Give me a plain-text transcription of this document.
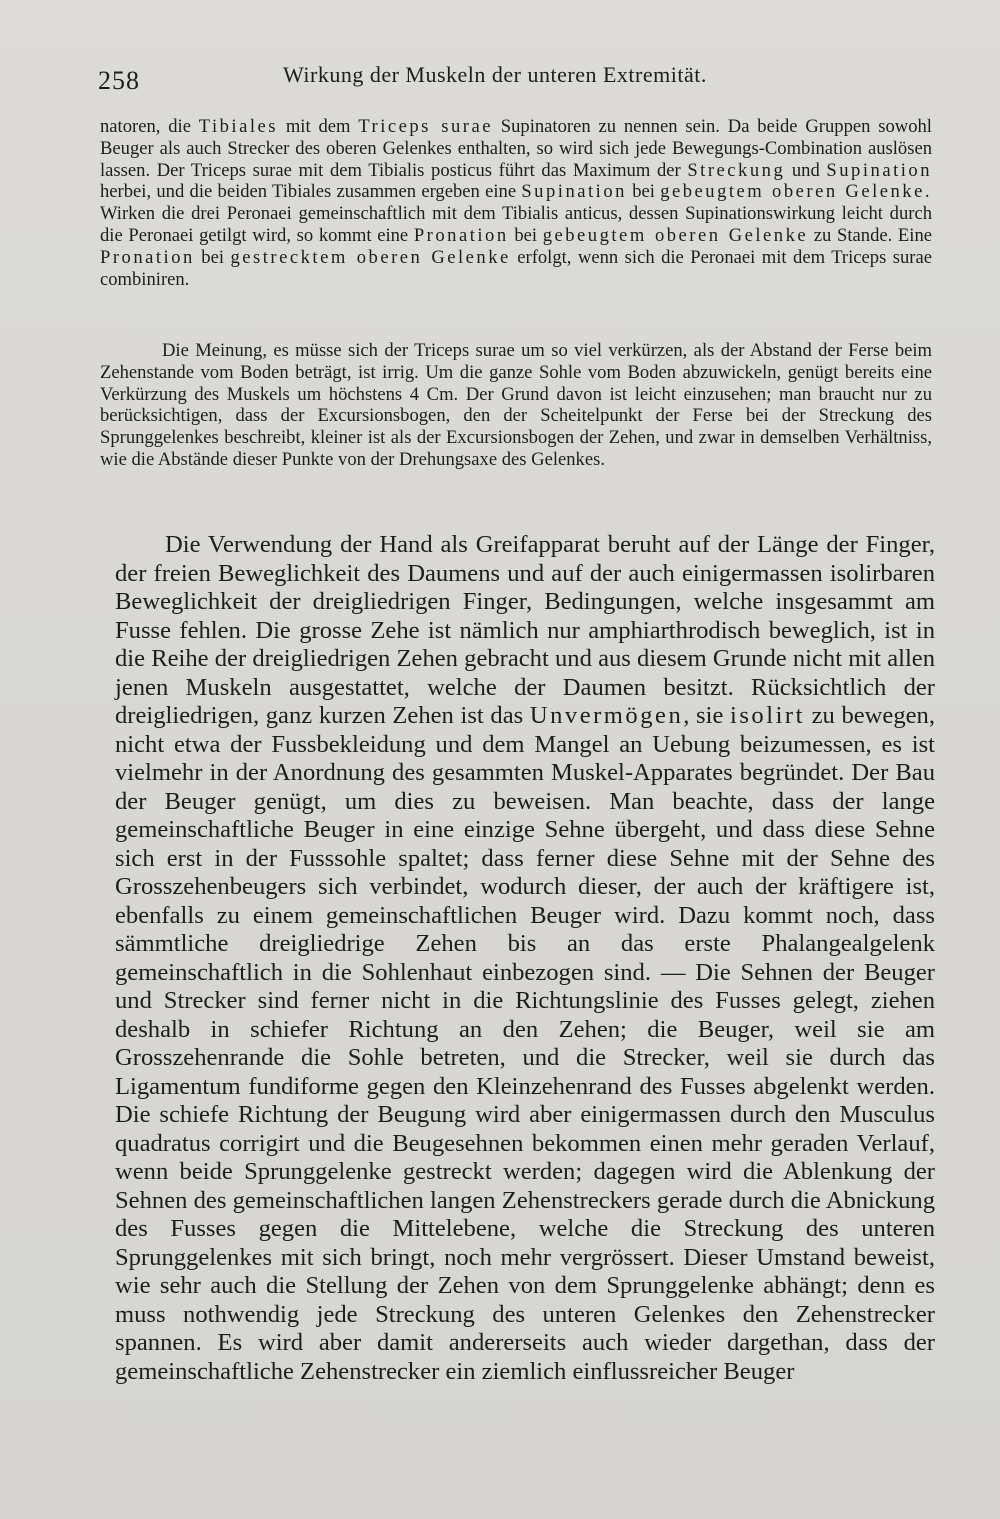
258	Wirkung der Muskeln der unteren Extremität.

natoren, die Tibiales mit dem Triceps surae Supinatoren zu nennen sein. Da beide Gruppen sowohl Beuger als auch Strecker des oberen Gelenkes enthalten, so wird sich jede Bewegungs-Combination auslösen lassen. Der Triceps surae mit dem Tibialis posticus führt das Maximum der Streckung und Supination herbei, und die beiden Tibiales zusammen ergeben eine Supination bei gebeugtem oberen Gelenke. Wirken die drei Peronaei gemeinschaftlich mit dem Tibialis anticus, dessen Supinationswirkung leicht durch die Peronaei getilgt wird, so kommt eine Pronation bei gebeugtem oberen Gelenke zu Stande. Eine Pronation bei gestrecktem oberen Gelenke erfolgt, wenn sich die Peronaei mit dem Triceps surae combiniren.

Die Meinung, es müsse sich der Triceps surae um so viel verkürzen, als der Abstand der Ferse beim Zehenstande vom Boden beträgt, ist irrig. Um die ganze Sohle vom Boden abzuwickeln, genügt bereits eine Verkürzung des Muskels um höchstens 4 Cm. Der Grund davon ist leicht einzusehen; man braucht nur zu berücksichtigen, dass der Excursionsbogen, den der Scheitelpunkt der Ferse bei der Streckung des Sprunggelenkes beschreibt, kleiner ist als der Excursionsbogen der Zehen, und zwar in demselben Verhältniss, wie die Abstände dieser Punkte von der Drehungsaxe des Gelenkes.

Die Verwendung der Hand als Greifapparat beruht auf der Länge der Finger, der freien Beweglichkeit des Daumens und auf der auch einigermassen isolirbaren Beweglichkeit der dreigliedrigen Finger, Bedingungen, welche insgesammt am Fusse fehlen. Die grosse Zehe ist nämlich nur amphiarthrodisch beweglich, ist in die Reihe der dreigliedrigen Zehen gebracht und aus diesem Grunde nicht mit allen jenen Muskeln ausgestattet, welche der Daumen besitzt. Rücksichtlich der dreigliedrigen, ganz kurzen Zehen ist das Unvermögen, sie isolirt zu bewegen, nicht etwa der Fussbekleidung und dem Mangel an Uebung beizumessen, es ist vielmehr in der Anordnung des gesammten Muskel-Apparates begründet. Der Bau der Beuger genügt, um dies zu beweisen. Man beachte, dass der lange gemeinschaftliche Beuger in eine einzige Sehne übergeht, und dass diese Sehne sich erst in der Fusssohle spaltet; dass ferner diese Sehne mit der Sehne des Grosszehenbeugers sich verbindet, wodurch dieser, der auch der kräftigere ist, ebenfalls zu einem gemeinschaftlichen Beuger wird. Dazu kommt noch, dass sämmtliche dreigliedrige Zehen bis an das erste Phalangealgelenk gemeinschaftlich in die Sohlenhaut einbezogen sind. — Die Sehnen der Beuger und Strecker sind ferner nicht in die Richtungslinie des Fusses gelegt, ziehen deshalb in schiefer Richtung an den Zehen; die Beuger, weil sie am Grosszehenrande die Sohle betreten, und die Strecker, weil sie durch das Ligamentum fundiforme gegen den Kleinzehenrand des Fusses abgelenkt werden. Die schiefe Richtung der Beugung wird aber einigermassen durch den Musculus quadratus corrigirt und die Beugesehnen bekommen einen mehr geraden Verlauf, wenn beide Sprunggelenke gestreckt werden; dagegen wird die Ablenkung der Sehnen des gemeinschaftlichen langen Zehenstreckers gerade durch die Abnickung des Fusses gegen die Mittelebene, welche die Streckung des unteren Sprunggelenkes mit sich bringt, noch mehr vergrössert. Dieser Umstand beweist, wie sehr auch die Stellung der Zehen von dem Sprunggelenke abhängt; denn es muss nothwendig jede Streckung des unteren Gelenkes den Zehenstrecker spannen. Es wird aber damit andererseits auch wieder dargethan, dass der gemeinschaftliche Zehenstrecker ein ziemlich einflussreicher Beuger
